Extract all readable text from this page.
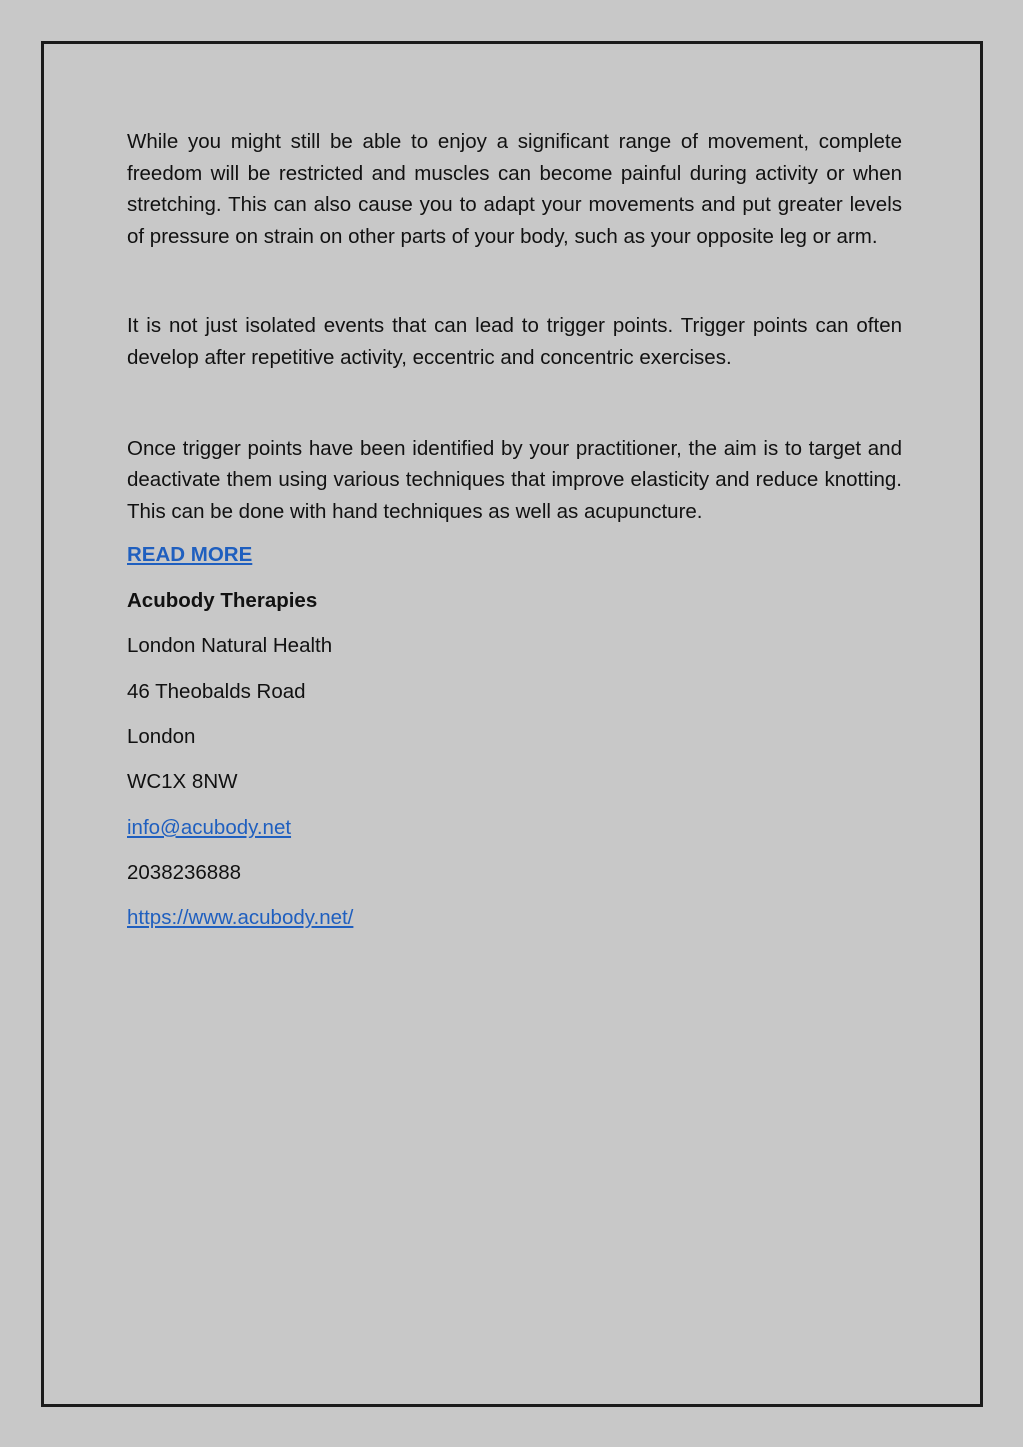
While you might still be able to enjoy a significant range of movement, complete freedom will be restricted and muscles can become painful during activity or when stretching. This can also cause you to adapt your movements and put greater levels of pressure on strain on other parts of your body, such as your opposite leg or arm.

It is not just isolated events that can lead to trigger points. Trigger points can often develop after repetitive activity, eccentric and concentric exercises.

Once trigger points have been identified by your practitioner, the aim is to target and deactivate them using various techniques that improve elasticity and reduce knotting. This can be done with hand techniques as well as acupuncture.

READ MORE

Acubody Therapies

London Natural Health

46 Theobalds Road

London

WC1X 8NW

info@acubody.net

2038236888

https://www.acubody.net/
